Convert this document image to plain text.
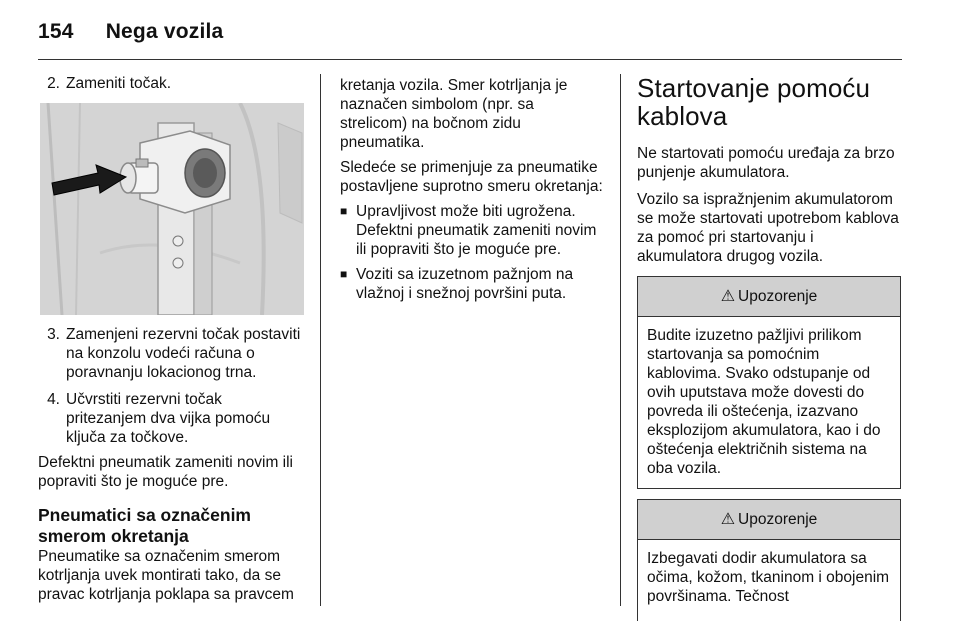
154 Nega vozila
2. Zameniti točak.
3. Zamenjeni rezervni točak postaviti na konzolu vodeći računa o poravnanju lokacionog trna.
4. Učvrstiti rezervni točak pritezanjem dva vijka pomoću ključa za točkove.
Defektni pneumatik zameniti novim ili popraviti što je moguće pre.
Pneumatici sa označenim smerom okretanja
Pneumatike sa označenim smerom kotrljanja uvek montirati tako, da se pravac kotrljanja poklapa sa pravcem
kretanja vozila. Smer kotrljanja je naznačen simbolom (npr. sa strelicom) na bočnom zidu pneumatika.
Sledeće se primenjuje za pneumatike postavljene suprotno smeru okretanja:
■
Upravljivost može biti ugrožena. Defektni pneumatik zameniti novim ili popraviti što je moguće pre.
■
Voziti sa izuzetnom pažnjom na vlažnoj i snežnoj površini puta.
Startovanje pomoću kablova
Ne startovati pomoću uređaja za brzo punjenje akumulatora.
Vozilo sa ispražnjenim akumulatorom se može startovati upotrebom kablova za pomoć pri startovanju i akumulatora drugog vozila.
⚠ Upozorenje
Budite izuzetno pažljivi prilikom startovanja sa pomoćnim kablovima. Svako odstupanje od ovih uputstava može dovesti do povreda ili oštećenja, izazvano eksplozijom akumulatora, kao i do oštećenja električnih sistema na oba vozila.
⚠ Upozorenje
Izbegavati dodir akumulatora sa očima, kožom, tkaninom i obojenim površinama. Tečnost
